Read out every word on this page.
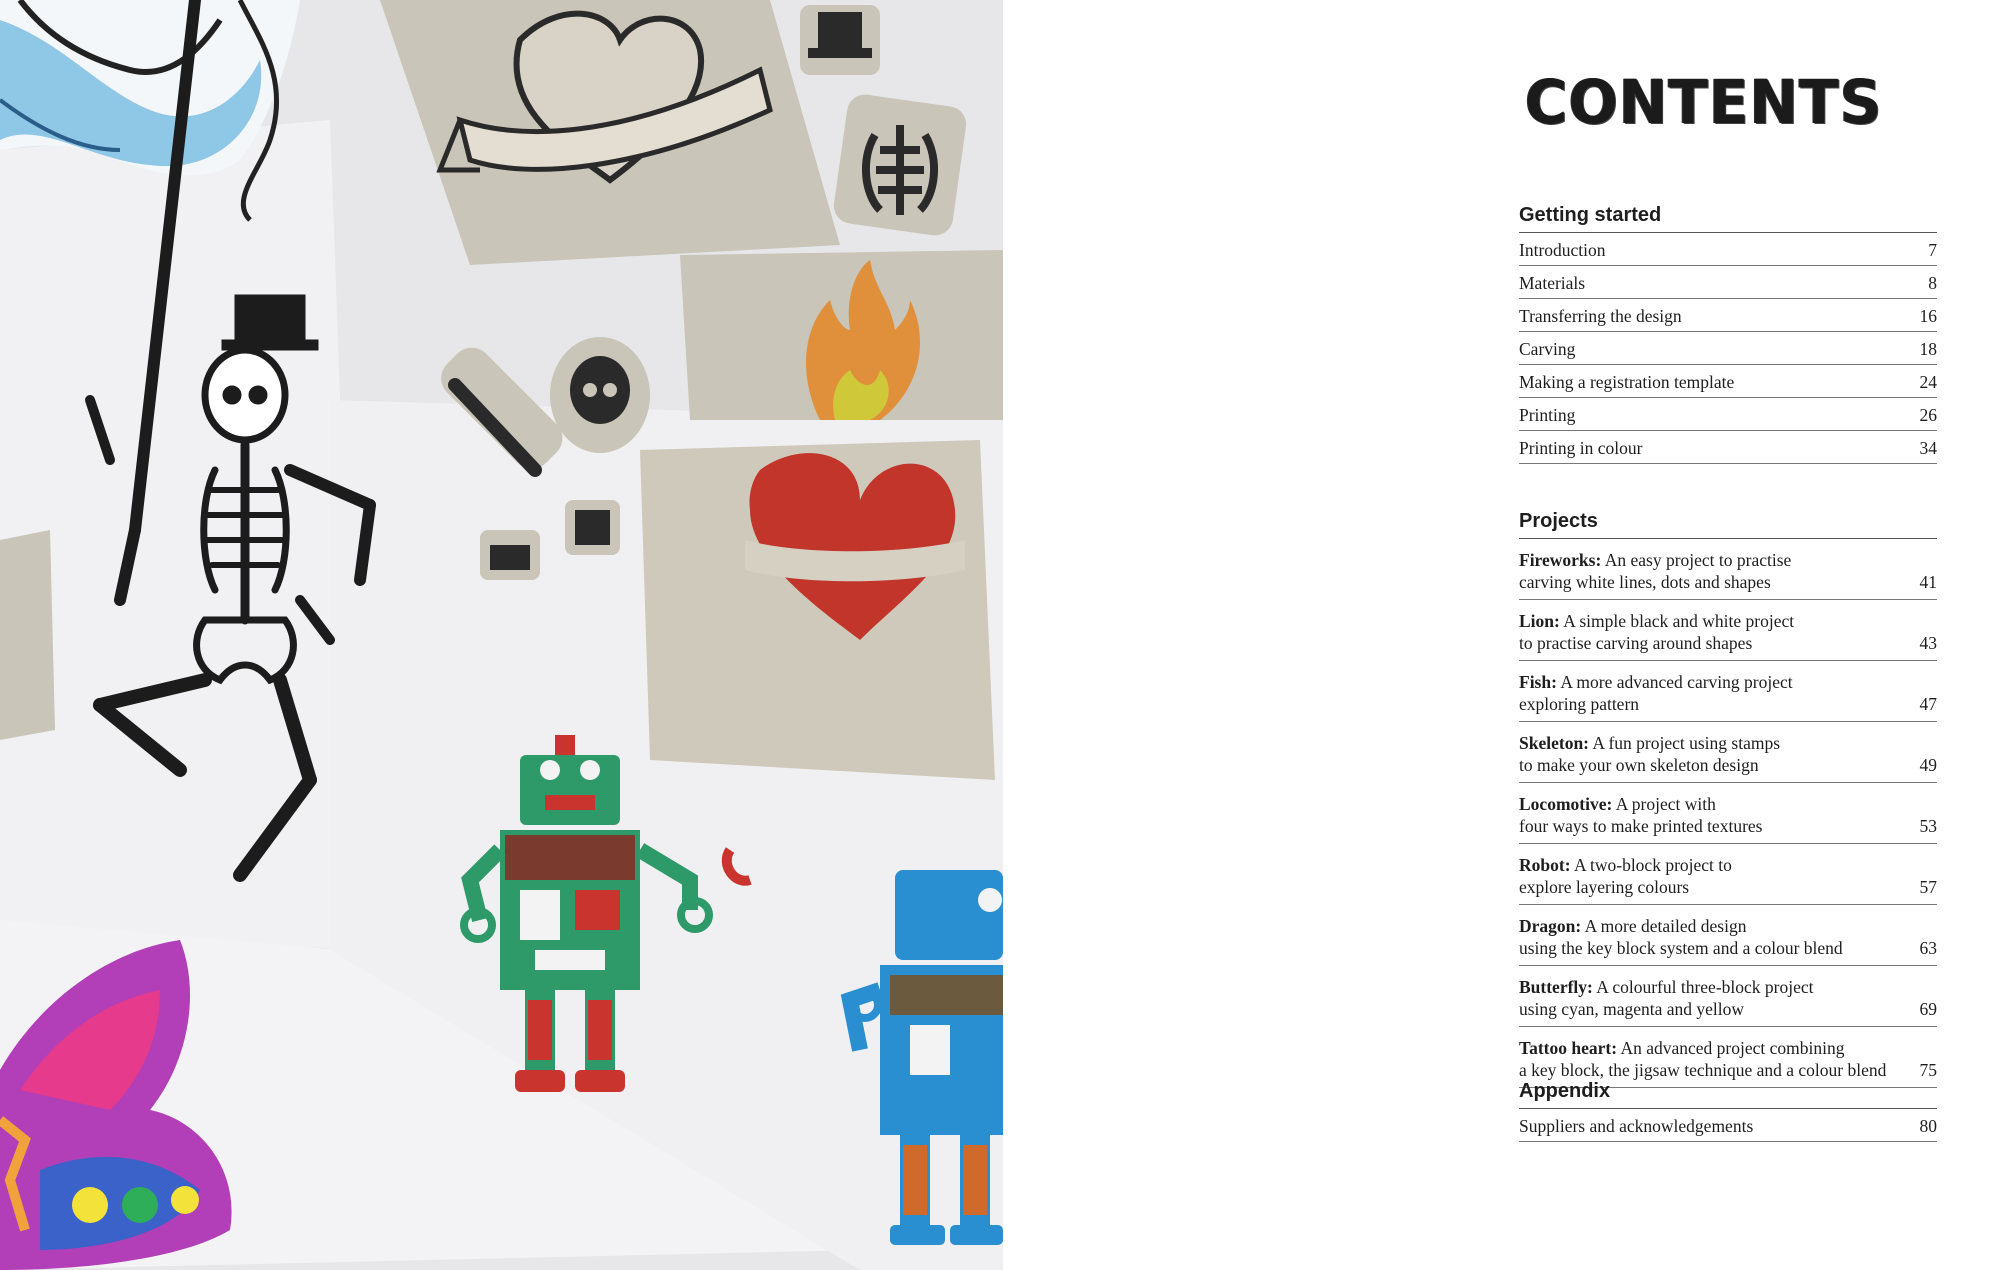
CONTENTS
Getting started
Introduction	7
Materials	8
Transferring the design	16
Carving	18
Making a registration template	24
Printing	26
Printing in colour	34
Projects
Fireworks: An easy project to practise
carving white lines, dots and shapes	41
Lion: A simple black and white project
to practise carving around shapes	43
Fish: A more advanced carving project
exploring pattern	47
Skeleton: A fun project using stamps
to make your own skeleton design	49
Locomotive: A project with
four ways to make printed textures	53
Robot: A two-block project to
explore layering colours	57
Dragon: A more detailed design
using the key block system and a colour blend	63
Butterfly: A colourful three-block project
using cyan, magenta and yellow	69
Tattoo heart: An advanced project combining
a key block, the jigsaw technique and a colour blend	75
Appendix
Suppliers and acknowledgements	80
